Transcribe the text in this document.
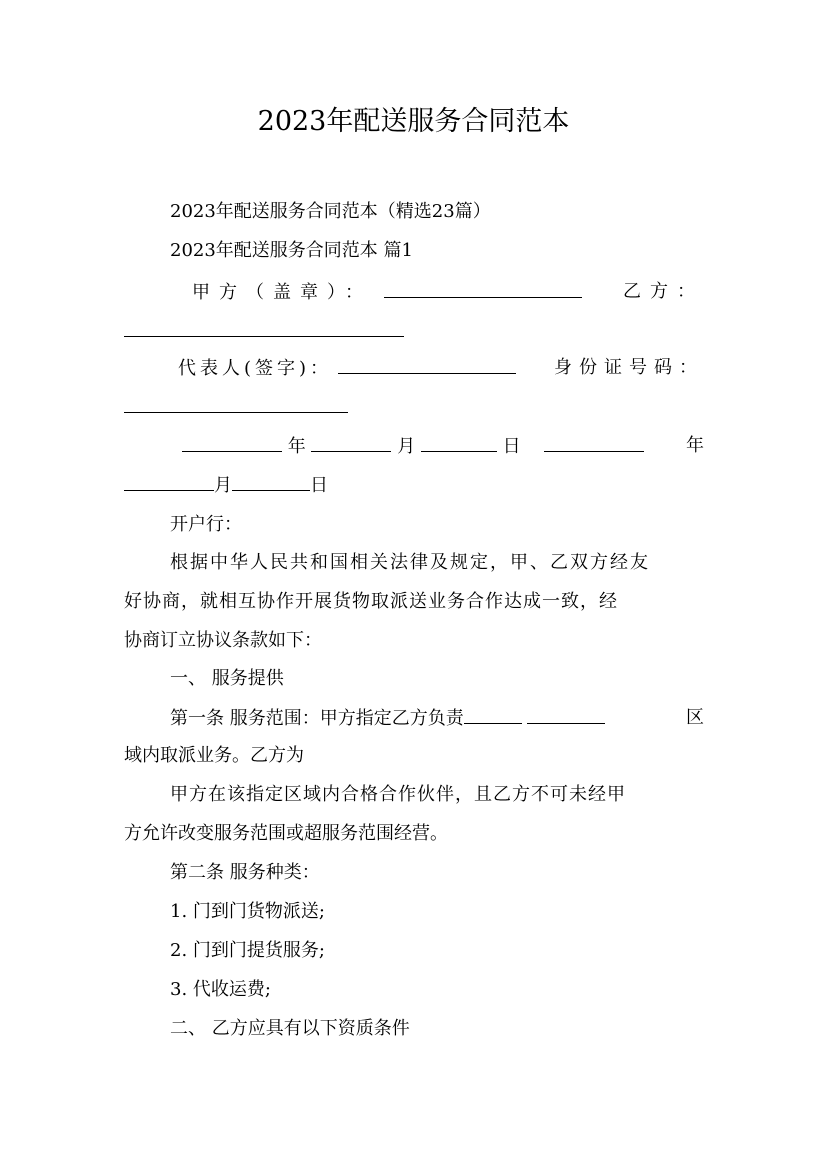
2023年配送服务合同范本
2023年配送服务合同范本（精选23篇）
2023年配送服务合同范本 篇1
甲方（盖章）：	乙方：
代表人(签字)：	身份证号码：
年	月	日	年
月	日
开户行：
根据中华人民共和国相关法律及规定，甲、乙双方经友
好协商，就相互协作开展货物取派送业务合作达成一致，经
协商订立协议条款如下：
一、 服务提供
第一条 服务范围：甲方指定乙方负责	区
域内取派业务。乙方为
甲方在该指定区域内合格合作伙伴，且乙方不可未经甲
方允许改变服务范围或超服务范围经营。
第二条 服务种类：
1. 门到门货物派送;
2. 门到门提货服务;
3. 代收运费;
二、 乙方应具有以下资质条件
